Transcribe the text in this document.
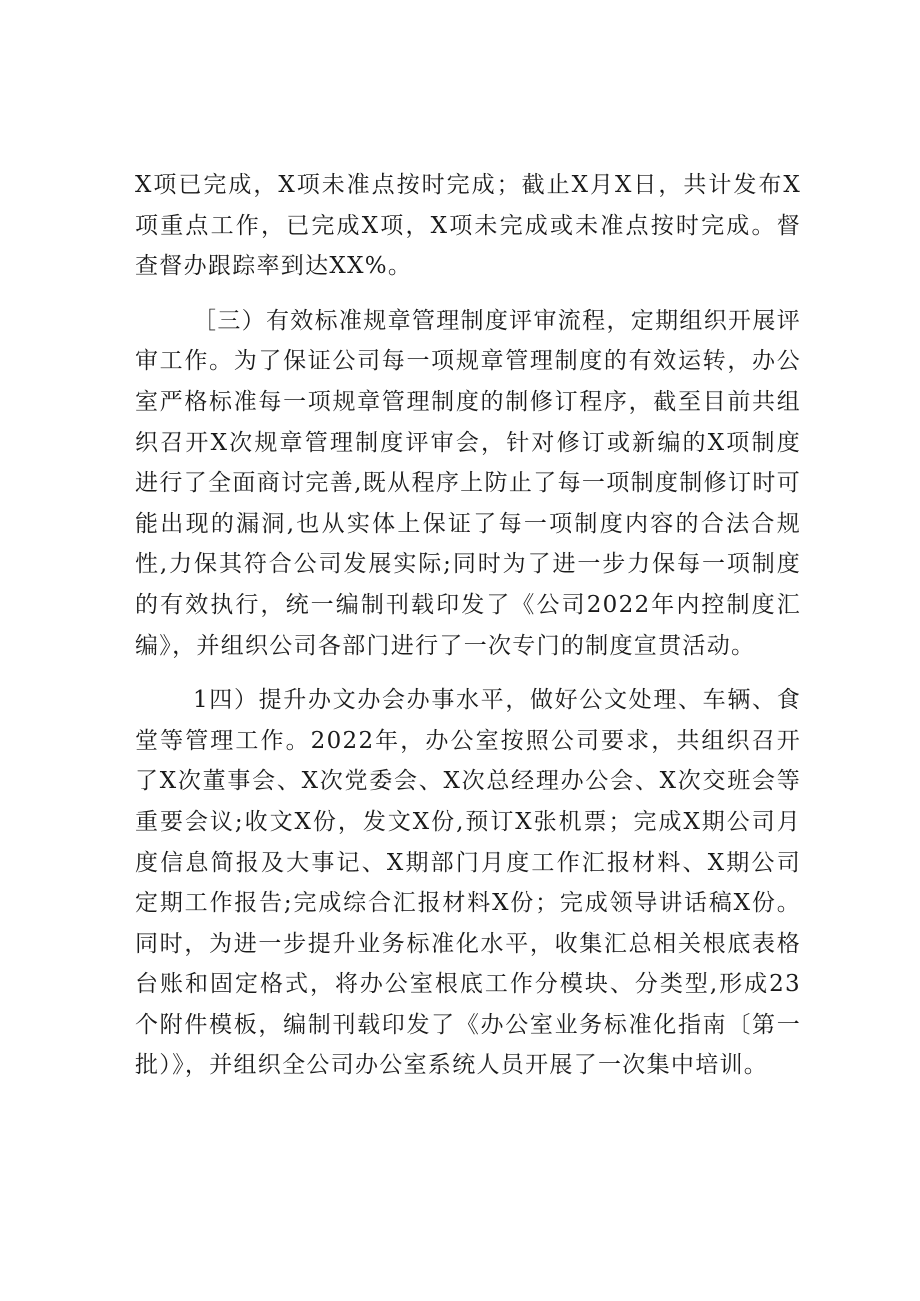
X项已完成，X项未准点按时完成；截止X月X日，共计发布X项重点工作，已完成X项，X项未完成或未准点按时完成。督查督办跟踪率到达XX%。

［三）有效标准规章管理制度评审流程，定期组织开展评审工作。为了保证公司每一项规章管理制度的有效运转，办公室严格标准每一项规章管理制度的制修订程序，截至目前共组织召开X次规章管理制度评审会，针对修订或新编的X项制度进行了全面商讨完善,既从程序上防止了每一项制度制修订时可能出现的漏洞,也从实体上保证了每一项制度内容的合法合规性,力保其符合公司发展实际;同时为了进一步力保每一项制度的有效执行，统一编制刊载印发了《公司2022年内控制度汇编》，并组织公司各部门进行了一次专门的制度宣贯活动。

1四）提升办文办会办事水平，做好公文处理、车辆、食堂等管理工作。2022年，办公室按照公司要求，共组织召开了X次董事会、X次党委会、X次总经理办公会、X次交班会等重要会议;收文X份，发文X份,预订X张机票；完成X期公司月度信息简报及大事记、X期部门月度工作汇报材料、X期公司定期工作报告;完成综合汇报材料X份；完成领导讲话稿X份。同时，为进一步提升业务标准化水平，收集汇总相关根底表格台账和固定格式，将办公室根底工作分模块、分类型,形成23个附件模板，编制刊载印发了《办公室业务标准化指南〔第一批）》，并组织全公司办公室系统人员开展了一次集中培训。
